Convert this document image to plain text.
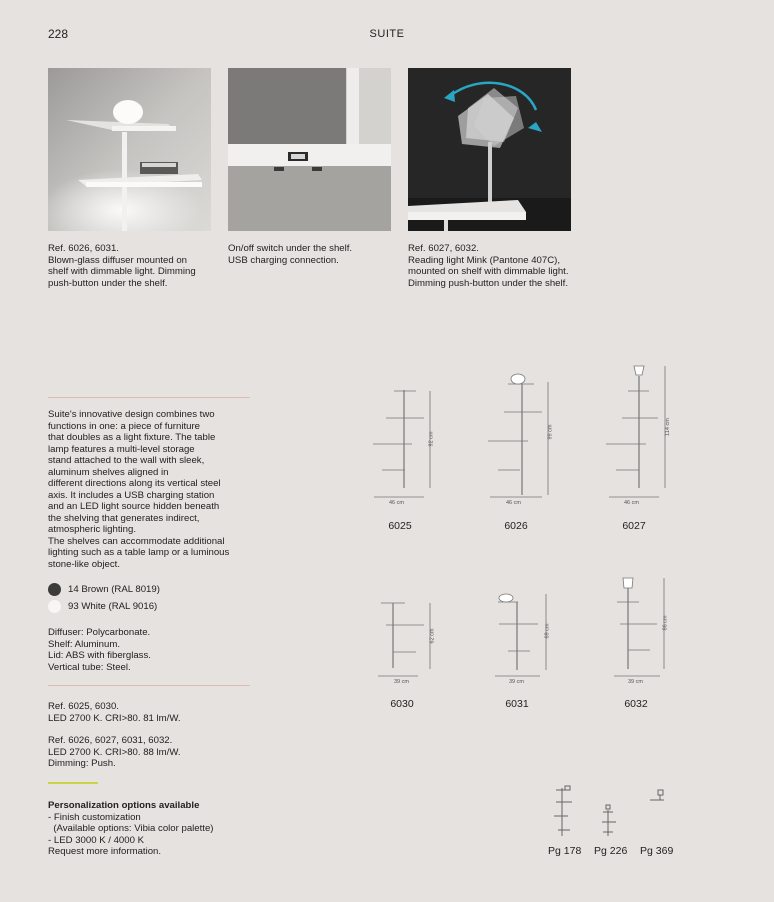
228	SUITE
Ref. 6026, 6031.
Blown-glass diffuser mounted on
shelf with dimmable light. Dimming
push-button under the shelf.
On/off switch under the shelf.
USB charging connection.
Ref. 6027, 6032.
Reading light Mink (Pantone 407C),
mounted on shelf with dimmable light.
Dimming push-button under the shelf.
Suite's innovative design combines two
functions in one: a piece of furniture
that doubles as a light fixture. The table
lamp features a multi-level storage
stand attached to the wall with sleek,
aluminum shelves aligned in
different directions along its vertical steel
axis. It includes a USB charging station
and an LED light source hidden beneath
the shelving that generates indirect,
atmospheric lighting.
The shelves can accommodate additional
lighting such as a table lamp or a luminous
stone-like object.
14 Brown (RAL 8019)
93 White (RAL 9016)
Diffuser: Polycarbonate.
Shelf: Aluminum.
Lid: ABS with fiberglass.
Vertical tube: Steel.
Ref. 6025, 6030.
LED 2700 K. CRI>80. 81 lm/W.
Ref. 6026, 6027, 6031, 6032.
LED 2700 K. CRI>80. 88 lm/W.
Dimming: Push.
Personalization options available
- Finish customization
(Available options: Vibia color palette)
- LED 3000 K / 4000 K
Request more information.
46 cm
92 cm
6025
46 cm
99 cm
6026
46 cm
114 cm
6027
39 cm
62 cm
6030
39 cm
69 cm
6031
39 cm
86 cm
6032
Pg 178 Pg 226 Pg 369
